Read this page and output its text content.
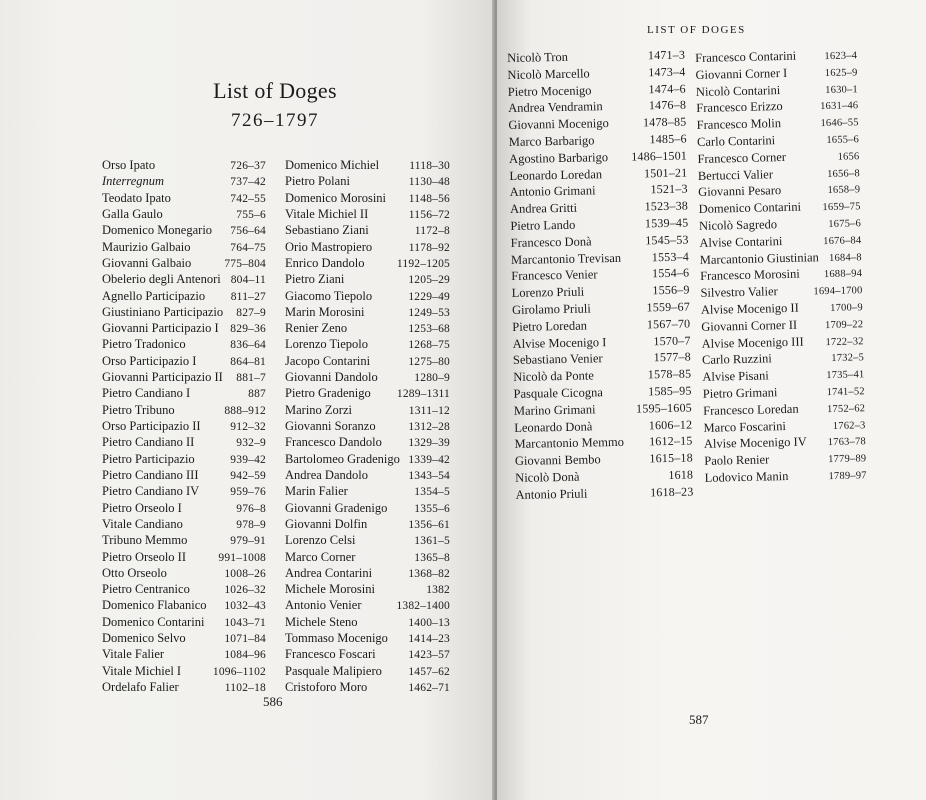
List of Doges
726–1797
Orso Ipato	726–37
Interregnum	737–42
Teodato Ipato	742–55
Galla Gaulo	755–6
Domenico Monegario 756–64
Maurizio Galbaio	764–75
Giovanni Galbaio	775–804
Obelerio degli Antenori 804–11
Agnello Participazio 811–27
Giustiniano Participazio 827–9
Giovanni Participazio I 829–36
Pietro Tradonico	836–64
Orso Participazio I	864–81
Giovanni Participazio II 881–7
Pietro Candiano I	887
Pietro Tribuno	888–912
Orso Participazio II	912–32
Pietro Candiano II	932–9
Pietro Participazio	939–42
Pietro Candiano III	942–59
Pietro Candiano IV	959–76
Pietro Orseolo I	976–8
Vitale Candiano	978–9
Tribuno Memmo	979–91
Pietro Orseolo II	991–1008
Otto Orseolo	1008–26
Pietro Centranico	1026–32
Domenico Flabanico 1032–43
Domenico Contarini 1043–71
Domenico Selvo	1071–84
Vitale Falier	1084–96
Vitale Michiel I	1096–1102
Ordelafo Falier	1102–18
Domenico Michiel	1118–30
Pietro Polani	1130–48
Domenico Morosini 1148–56
Vitale Michiel II	1156–72
Sebastiano Ziani	1172–8
Orio Mastropiero	1178–92
Enrico Dandolo	1192–1205
Pietro Ziani	1205–29
Giacomo Tiepolo	1229–49
Marin Morosini	1249–53
Renier Zeno	1253–68
Lorenzo Tiepolo	1268–75
Jacopo Contarini	1275–80
Giovanni Dandolo	1280–9
Pietro Gradenigo 1289–1311
Marino Zorzi	1311–12
Giovanni Soranzo	1312–28
Francesco Dandolo 1329–39
Bartolomeo Gradenigo 1339–42
Andrea Dandolo	1343–54
Marin Falier	1354–5
Giovanni Gradenigo 1355–6
Giovanni Dolfin	1356–61
Lorenzo Celsi	1361–5
Marco Corner	1365–8
Andrea Contarini	1368–82
Michele Morosini	1382
Antonio Venier	1382–1400
Michele Steno	1400–13
Tommaso Mocenigo 1414–23
Francesco Foscari	1423–57
Pasquale Malipiero 1457–62
Cristoforo Moro	1462–71
586
LIST OF DOGES
Nicolò Tron	1471–3
Nicolò Marcello	1473–4
Pietro Mocenigo	1474–6
Andrea Vendramin	1476–8
Giovanni Mocenigo	1478–85
Marco Barbarigo	1485–6
Agostino Barbarigo 1486–1501
Leonardo Loredan	1501–21
Antonio Grimani	1521–3
Andrea Gritti	1523–38
Pietro Lando	1539–45
Francesco Donà	1545–53
Marcantonio Trevisan	1553–4
Francesco Venier	1554–6
Lorenzo Priuli	1556–9
Girolamo Priuli	1559–67
Pietro Loredan	1567–70
Alvise Mocenigo I	1570–7
Sebastiano Venier	1577–8
Nicolò da Ponte	1578–85
Pasquale Cicogna	1585–95
Marino Grimani	1595–1605
Leonardo Donà	1606–12
Marcantonio Memmo 1612–15
Giovanni Bembo	1615–18
Nicolò Donà	1618
Antonio Priuli	1618–23
Francesco Contarini	1623–4
Giovanni Corner I	1625–9
Nicolò Contarini	1630–1
Francesco Erizzo	1631–46
Francesco Molin	1646–55
Carlo Contarini	1655–6
Francesco Corner	1656
Bertucci Valier	1656–8
Giovanni Pesaro	1658–9
Domenico Contarini 1659–75
Nicolò Sagredo	1675–6
Alvise Contarini	1676–84
Marcantonio Giustinian 1684–8
Francesco Morosini 1688–94
Silvestro Valier	1694–1700
Alvise Mocenigo II	1700–9
Giovanni Corner II	1709–22
Alvise Mocenigo III 1722–32
Carlo Ruzzini	1732–5
Alvise Pisani	1735–41
Pietro Grimani	1741–52
Francesco Loredan	1752–62
Marco Foscarini	1762–3
Alvise Mocenigo IV 1763–78
Paolo Renier	1779–89
Lodovico Manin	1789–97
587
